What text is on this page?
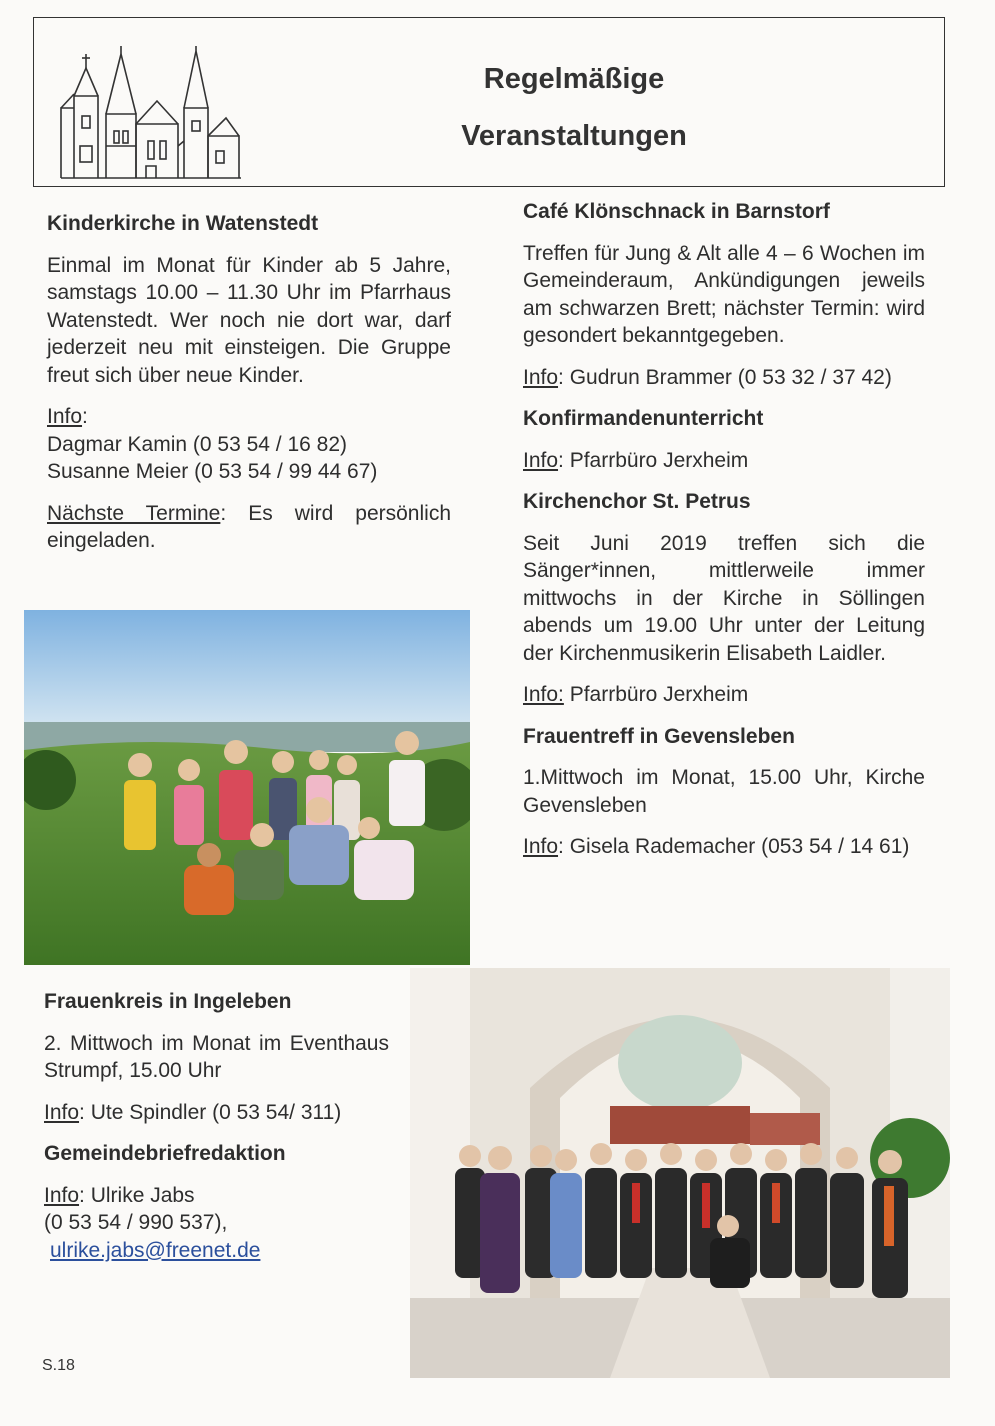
Regelmäßige
Veranstaltungen

Kinderkirche in Watenstedt

Einmal im Monat für Kinder ab 5 Jahre, samstags 10.00 – 11.30 Uhr im Pfarrhaus Watenstedt. Wer noch nie dort war, darf jederzeit neu mit einsteigen. Die Gruppe freut sich über neue Kinder.

Info:

Dagmar Kamin (0 53 54 / 16 82)

Susanne Meier (0 53 54 / 99 44 67)

Nächste Termine: Es wird persönlich eingeladen.

Café Klönschnack in Barnstorf

Treffen für Jung & Alt alle 4 – 6 Wochen im Gemeinderaum, Ankündigungen jeweils am schwarzen Brett; nächster Termin: wird gesondert bekanntgegeben.

Info: Gudrun Brammer (0 53 32 / 37 42)

Konfirmandenunterricht

Info: Pfarrbüro Jerxheim

Kirchenchor St. Petrus

Seit Juni 2019 treffen sich die Sänger*innen, mittlerweile immer mittwochs in der Kirche in Söllingen abends um 19.00 Uhr unter der Leitung der Kirchenmusikerin Elisabeth Laidler.

Info: Pfarrbüro Jerxheim

Frauentreff in Gevensleben

1.Mittwoch im Monat, 15.00 Uhr, Kirche Gevensleben

Info: Gisela Rademacher (053 54 / 14 61)

Frauenkreis in Ingeleben

2. Mittwoch im Monat im Eventhaus Strumpf, 15.00 Uhr

Info: Ute Spindler (0 53 54/ 311)

Gemeindebriefredaktion

Info: Ulrike Jabs

(0 53 54 / 990 537),

ulrike.jabs@freenet.de

S.18
